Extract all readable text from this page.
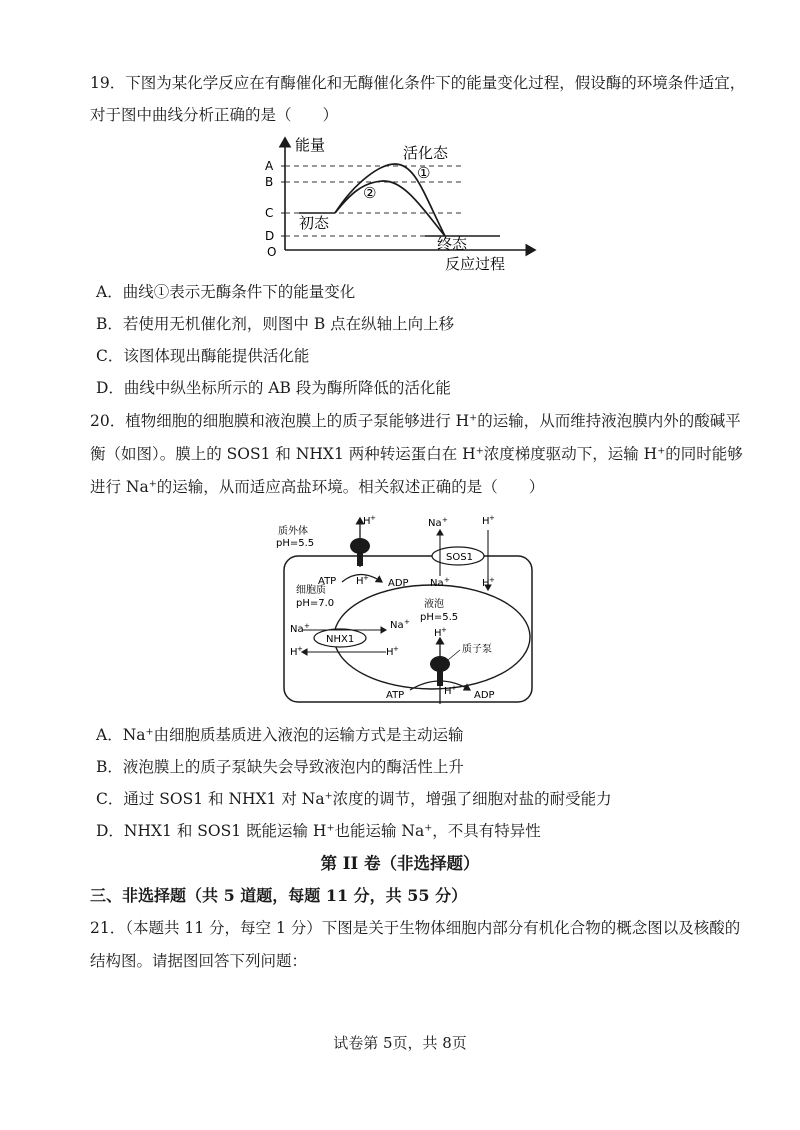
19．下图为某化学反应在有酶催化和无酶催化条件下的能量变化过程，假设酶的环境条件适宜，
对于图中曲线分析正确的是（　　）
能量
反应过程
A
B
C
D
O
活化态
初态
终态
①
②
A．曲线①表示无酶条件下的能量变化
B．若使用无机催化剂，则图中 B 点在纵轴上向上移
C．该图体现出酶能提供活化能
D．曲线中纵坐标所示的 AB 段为酶所降低的活化能
20．植物细胞的细胞膜和液泡膜上的质子泵能够进行 H+的运输，从而维持液泡膜内外的酸碱平
衡（如图）。膜上的 SOS1 和 NHX1 两种转运蛋白在 H+浓度梯度驱动下，运输 H+的同时能够
进行 Na+的运输，从而适应高盐环境。相关叙述正确的是（　　）
质外体
pH=5.5
细胞质
pH=7.0	液泡
pH=5.5
H +
H +
ATP	ADP
SOS1
Na +	H +
Na +	H +
NHX1
Na +
H +
Na +
H +
H +
质子泵
H +
ATP	ADP
A．Na+由细胞质基质进入液泡的运输方式是主动运输
B．液泡膜上的质子泵缺失会导致液泡内的酶活性上升
C．通过 SOS1 和 NHX1 对 Na+浓度的调节，增强了细胞对盐的耐受能力
D．NHX1 和 SOS1 既能运输 H+也能运输 Na+，不具有特异性
第 II 卷（非选择题）
三、非选择题（共 5 道题，每题 11 分，共 55 分）
21．（本题共 11 分，每空 1 分）下图是关于生物体细胞内部分有机化合物的概念图以及核酸的
结构图。请据图回答下列问题：
试卷第 5页，共 8页
